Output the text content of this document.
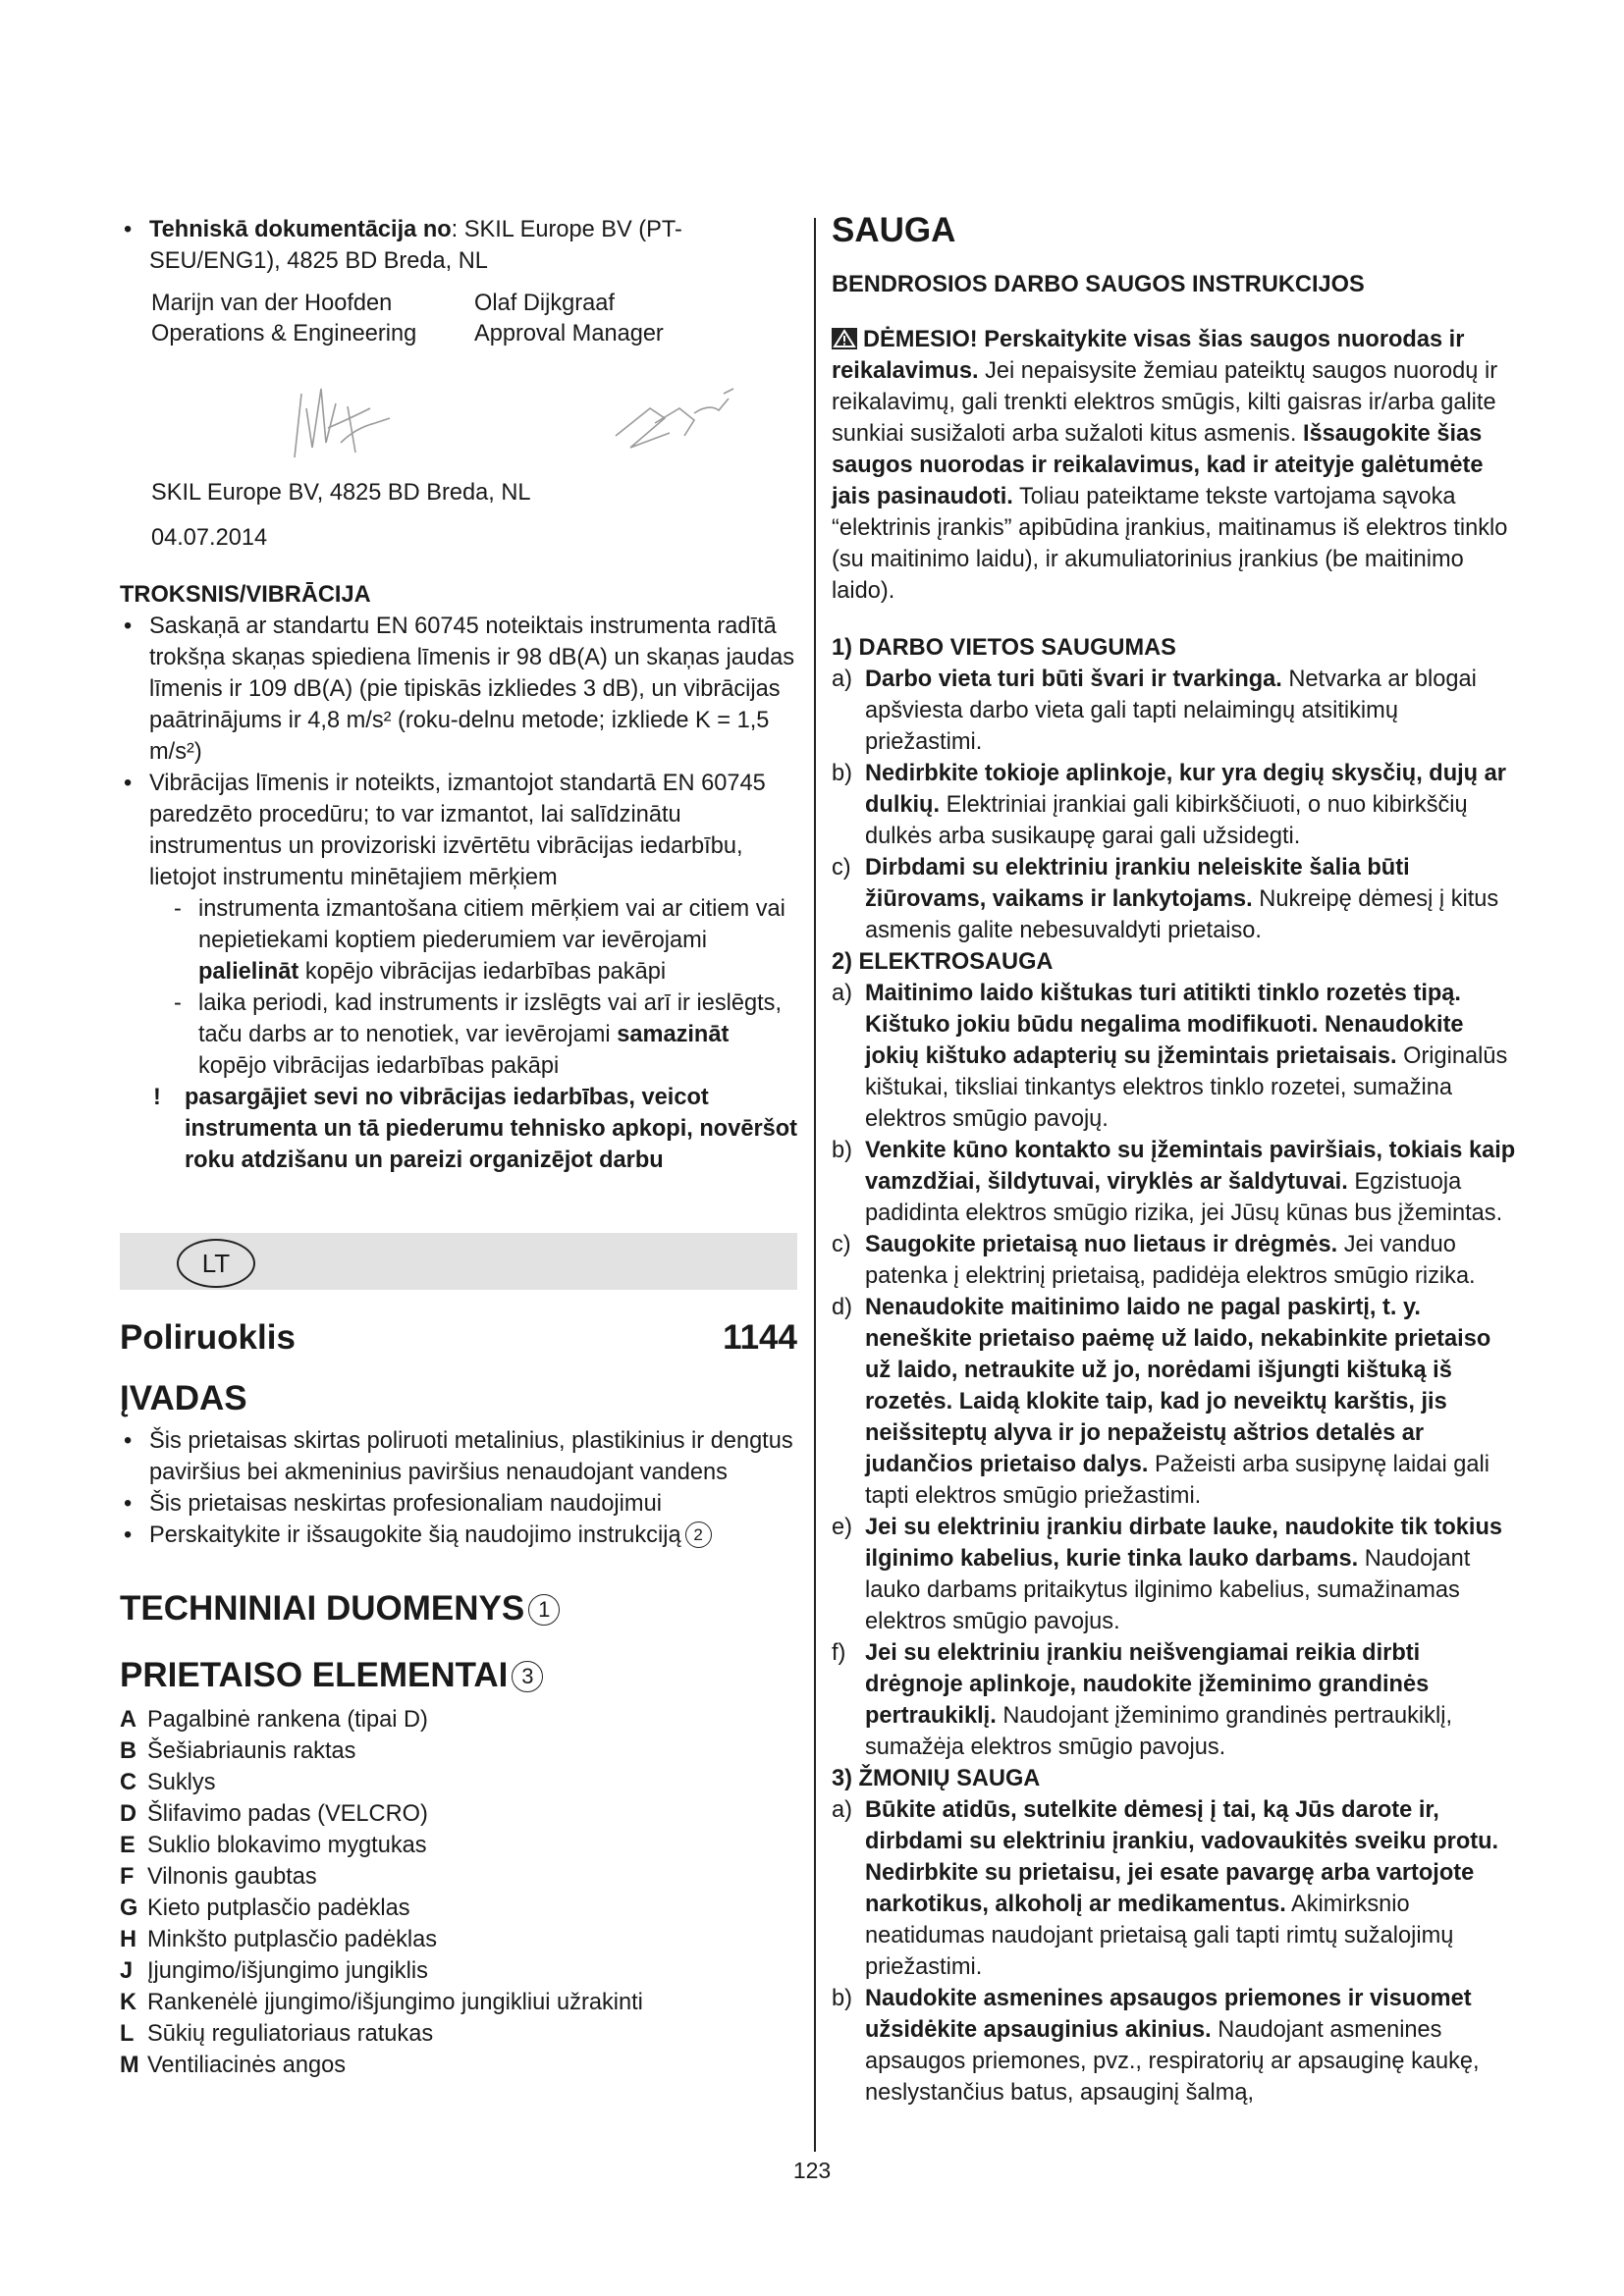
• Tehniskā dokumentācija no: SKIL Europe BV (PT-SEU/ENG1), 4825 BD Breda, NL
Marijn van der Hoofden
Operations & Engineering
Olaf Dijkgraaf
Approval Manager

SKIL Europe BV, 4825 BD Breda, NL

04.07.2014

TROKSNIS/VIBRĀCIJA

• Saskaņā ar standartu EN 60745 noteiktais instrumenta radītā trokšņa skaņas spiediena līmenis ir 98 dB(A) un skaņas jaudas līmenis ir 109 dB(A) (pie tipiskās izkliedes 3 dB), un vibrācijas paātrinājums ir 4,8 m/s² (roku-delnu metode; izkliede K = 1,5 m/s²)
• Vibrācijas līmenis ir noteikts, izmantojot standartā EN 60745 paredzēto procedūru; to var izmantot, lai salīdzinātu instrumentus un provizoriski izvērtētu vibrācijas iedarbību, lietojot instrumentu minētajiem mērķiem
- instrumenta izmantošana citiem mērķiem vai ar citiem vai nepietiekami koptiem piederumiem var ievērojami palielināt kopējo vibrācijas iedarbības pakāpi
- laika periodi, kad instruments ir izslēgts vai arī ir ieslēgts, taču darbs ar to nenotiek, var ievērojami samazināt kopējo vibrācijas iedarbības pakāpi
! pasargājiet sevi no vibrācijas iedarbības, veicot instrumenta un tā piederumu tehnisko apkopi, novēršot roku atdzišanu un pareizi organizējot darbu
LT
Poliruoklis	1144

ĮVADAS

• Šis prietaisas skirtas poliruoti metalinius, plastikinius ir dengtus paviršius bei akmeninius paviršius nenaudojant vandens
• Šis prietaisas neskirtas profesionaliam naudojimui
• Perskaitykite ir išsaugokite šią naudojimo instrukciją 2

TECHNINIAI DUOMENYS 1

PRIETAISO ELEMENTAI 3

A Pagalbinė rankena (tipai D)
B Šešiabriaunis raktas
C Suklys
D Šlifavimo padas (VELCRO)
E Suklio blokavimo mygtukas
F Vilnonis gaubtas
G Kieto putplasčio padėklas
H Minkšto putplasčio padėklas
J Įjungimo/išjungimo jungiklis
K Rankenėlė įjungimo/išjungimo jungikliui užrakinti
L Sūkių reguliatoriaus ratukas
M Ventiliacinės angos

SAUGA

BENDROSIOS DARBO SAUGOS INSTRUKCIJOS

DĖMESIO! Perskaitykite visas šias saugos nuorodas ir reikalavimus. Jei nepaisysite žemiau pateiktų saugos nuorodų ir reikalavimų, gali trenkti elektros smūgis, kilti gaisras ir/arba galite sunkiai susižaloti arba sužaloti kitus asmenis. Išsaugokite šias saugos nuorodas ir reikalavimus, kad ir ateityje galėtumėte jais pasinaudoti. Toliau pateiktame tekste vartojama sąvoka “elektrinis įrankis” apibūdina įrankius, maitinamus iš elektros tinklo (su maitinimo laidu), ir akumuliatorinius įrankius (be maitinimo laido).

1) DARBO VIETOS SAUGUMAS

a) Darbo vieta turi būti švari ir tvarkinga. Netvarka ar blogai apšviesta darbo vieta gali tapti nelaimingų atsitikimų priežastimi.
b) Nedirbkite tokioje aplinkoje, kur yra degių skysčių, dujų ar dulkių. Elektriniai įrankiai gali kibirkščiuoti, o nuo kibirkščių dulkės arba susikaupę garai gali užsidegti.
c) Dirbdami su elektriniu įrankiu neleiskite šalia būti žiūrovams, vaikams ir lankytojams. Nukreipę dėmesį į kitus asmenis galite nebesuvaldyti prietaiso.

2) ELEKTROSAUGA

a) Maitinimo laido kištukas turi atitikti tinklo rozetės tipą. Kištuko jokiu būdu negalima modifikuoti. Nenaudokite jokių kištuko adapterių su įžemintais prietaisais. Originalūs kištukai, tiksliai tinkantys elektros tinklo rozetei, sumažina elektros smūgio pavojų.
b) Venkite kūno kontakto su įžemintais paviršiais, tokiais kaip vamzdžiai, šildytuvai, viryklės ar šaldytuvai. Egzistuoja padidinta elektros smūgio rizika, jei Jūsų kūnas bus įžemintas.
c) Saugokite prietaisą nuo lietaus ir drėgmės. Jei vanduo patenka į elektrinį prietaisą, padidėja elektros smūgio rizika.
d) Nenaudokite maitinimo laido ne pagal paskirtį, t. y. neneškite prietaiso paėmę už laido, nekabinkite prietaiso už laido, netraukite už jo, norėdami išjungti kištuką iš rozetės. Laidą klokite taip, kad jo neveiktų karštis, jis neišsiteptų alyva ir jo nepažeistų aštrios detalės ar judančios prietaiso dalys. Pažeisti arba susipynę laidai gali tapti elektros smūgio priežastimi.
e) Jei su elektriniu įrankiu dirbate lauke, naudokite tik tokius ilginimo kabelius, kurie tinka lauko darbams. Naudojant lauko darbams pritaikytus ilginimo kabelius, sumažinamas elektros smūgio pavojus.
f) Jei su elektriniu įrankiu neišvengiamai reikia dirbti drėgnoje aplinkoje, naudokite įžeminimo grandinės pertraukiklį. Naudojant įžeminimo grandinės pertraukiklį, sumažėja elektros smūgio pavojus.

3) ŽMONIŲ SAUGA

a) Būkite atidūs, sutelkite dėmesį į tai, ką Jūs darote ir, dirbdami su elektriniu įrankiu, vadovaukitės sveiku protu. Nedirbkite su prietaisu, jei esate pavargę arba vartojote narkotikus, alkoholį ar medikamentus. Akimirksnio neatidumas naudojant prietaisą gali tapti rimtų sužalojimų priežastimi.
b) Naudokite asmenines apsaugos priemones ir visuomet užsidėkite apsauginius akinius. Naudojant asmenines apsaugos priemones, pvz., respiratorių ar apsauginę kaukę, neslystančius batus, apsauginį šalmą,
123
